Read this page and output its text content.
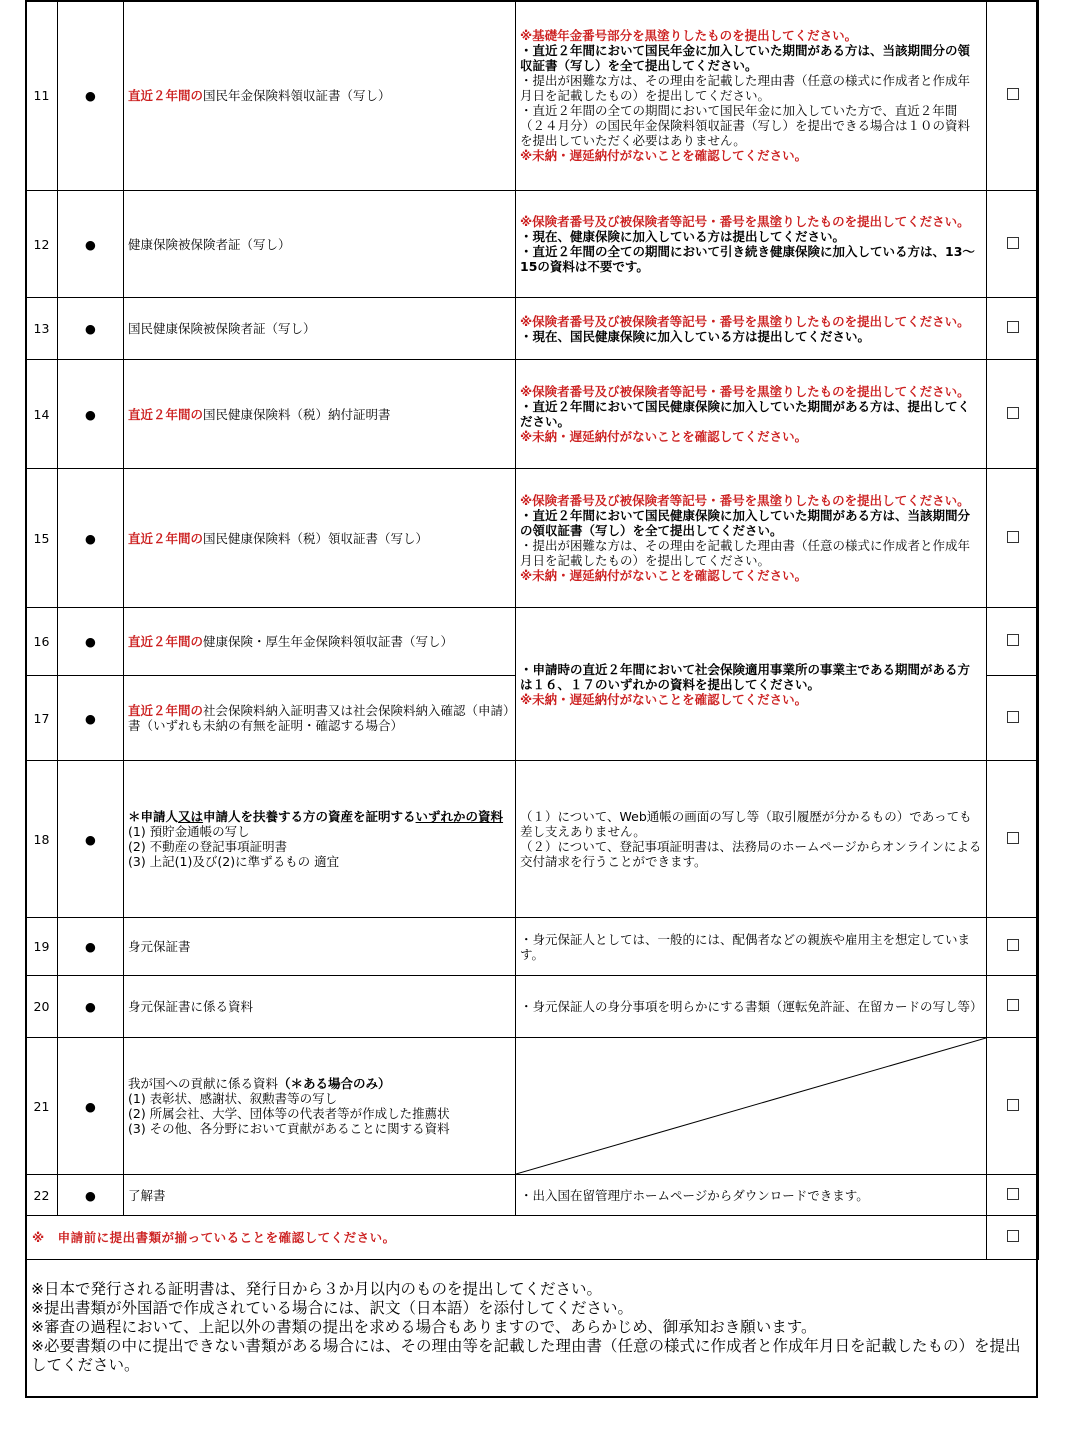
11	●	直近２年間の国民年金保険料領収証書（写し）	※基礎年金番号部分を黒塗りしたものを提出してください。
・直近２年間において国民年金に加入していた期間がある方は、当該期間分の領収証書（写し）を全て提出してください。
・提出が困難な方は、その理由を記載した理由書（任意の様式に作成者と作成年月日を記載したもの）を提出してください。
・直近２年間の全ての期間において国民年金に加入していた方で、直近２年間（２４月分）の国民年金保険料領収証書（写し）を提出できる場合は１０の資料を提出していただく必要はありません。
※未納・遅延納付がないことを確認してください。	

12	●	健康保険被保険者証（写し）	※保険者番号及び被保険者等記号・番号を黒塗りしたものを提出してください。
・現在、健康保険に加入している方は提出してください。
・直近２年間の全ての期間において引き続き健康保険に加入している方は、13～15の資料は不要です。	

13	●	国民健康保険被保険者証（写し）	※保険者番号及び被保険者等記号・番号を黒塗りしたものを提出してください。
・現在、国民健康保険に加入している方は提出してください。	

14	●	直近２年間の国民健康保険料（税）納付証明書	※保険者番号及び被保険者等記号・番号を黒塗りしたものを提出してください。
・直近２年間において国民健康保険に加入していた期間がある方は、提出してください。
※未納・遅延納付がないことを確認してください。	

15	●	直近２年間の国民健康保険料（税）領収証書（写し）	※保険者番号及び被保険者等記号・番号を黒塗りしたものを提出してください。
・直近２年間において国民健康保険に加入していた期間がある方は、当該期間分の領収証書（写し）を全て提出してください。
・提出が困難な方は、その理由を記載した理由書（任意の様式に作成者と作成年月日を記載したもの）を提出してください。
※未納・遅延納付がないことを確認してください。	

16	●	直近２年間の健康保険・厚生年金保険料領収証書（写し）	・申請時の直近２年間において社会保険適用事業所の事業主である期間がある方は１６、１７のいずれかの資料を提出してください。
※未納・遅延納付がないことを確認してください。	

17	●	直近２年間の社会保険料納入証明書又は社会保険料納入確認（申請）書（いずれも未納の有無を証明・確認する場合）		
18	●	＊申請人又は申請人を扶養する方の資産を証明するいずれかの資料
(1) 預貯金通帳の写し
(2) 不動産の登記事項証明書
(3) 上記(1)及び(2)に準ずるもの 適宜	（１）について、Web通帳の画面の写し等（取引履歴が分かるもの）であっても差し支えありません。
（２）について、登記事項証明書は、法務局のホームページからオンラインによる交付請求を行うことができます。	

19	●	身元保証書	・身元保証人としては、一般的には、配偶者などの親族や雇用主を想定しています。	
20	●	身元保証書に係る資料	・身元保証人の身分事項を明らかにする書類（運転免許証、在留カードの写し等）	
21	●	我が国への貢献に係る資料（＊ある場合のみ）
(1) 表彰状、感謝状、叙勲書等の写し
(2) 所属会社、大学、団体等の代表者等が作成した推薦状
(3) その他、各分野において貢献があることに関する資料

22	●	了解書	・出入国在留管理庁ホームページからダウンロードできます。	
※　申請前に提出書類が揃っていることを確認してください。				
※日本で発行される証明書は、発行日から３か月以内のものを提出してください。
※提出書類が外国語で作成されている場合には、訳文（日本語）を添付してください。
※審査の過程において、上記以外の書類の提出を求める場合もありますので、あらかじめ、御承知おき願います。
※必要書類の中に提出できない書類がある場合には、その理由等を記載した理由書（任意の様式に作成者と作成年月日を記載したもの）を提出してください。
